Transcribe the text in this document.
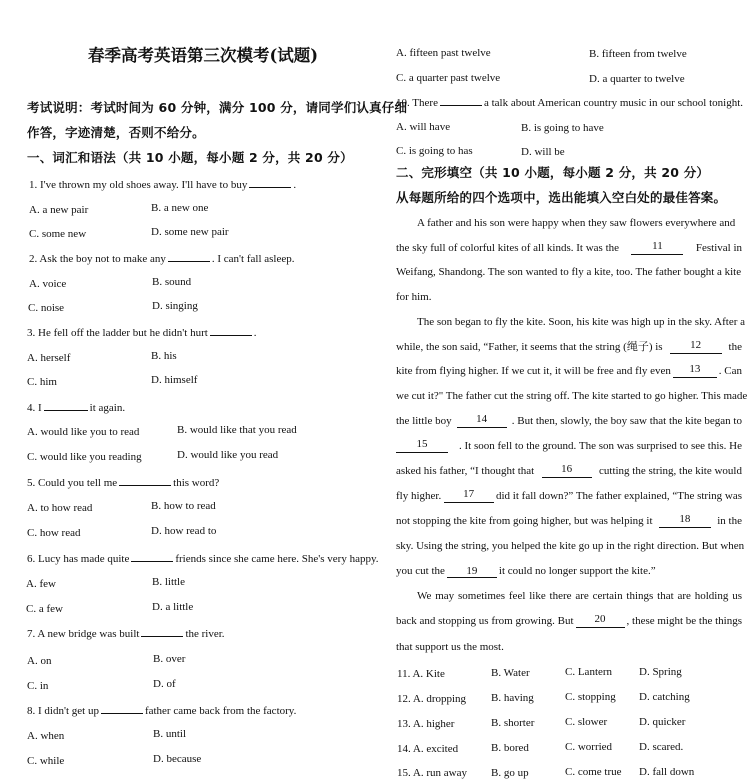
春季高考英语第三次模考(试题)
考试说明：考试时间为 60 分钟，满分 100 分，请同学们认真仔细
作答，字迹清楚，否则不给分。
一、词汇和语法（共 10 小题，每小题 2 分，共 20 分）
1. I've thrown my old shoes away. I'll have to buy	.
A. a new pair	B. a new one
C. some new	D. some new pair
2. Ask the boy not to make any	. I can't fall asleep.
A. voice	B. sound
C. noise	D. singing
3. He fell off the ladder but he didn't hurt	.
A. herself	B. his
C. him	D. himself
4. I	it again.
A. would like you to read	B. would like that you read
C. would like you reading	D. would like you read
5. Could you tell me	this word?
A. to how read	B. how to read
C. how read	D. how read to
6. Lucy has made quite	friends since she came here. She's very happy.
A. few	B. little
C. a few	D. a little
7. A new bridge was built	the river.
A. on	B. over
C. in	D. of
8. I didn't get up	father came back from the factory.
A. when	B. until
C. while	D. because

A. fifteen past twelve	B. fifteen from twelve
C. a quarter past twelve	D. a quarter to twelve
10. There	a talk about American country music in our school tonight.
A. will have	B. is going to have
C. is going to has	D. will be
二、完形填空（共 10 小题，每小题 2 分，共 20 分）
从每题所给的四个选项中，选出能填入空白处的最佳答案。
A father and his son were happy when they saw flowers everywhere and
the sky full of colorful kites of all kinds. It was the	11	Festival in
Weifang, Shandong. The son wanted to fly a kite, too. The father bought a kite
for him.
The son began to fly the kite. Soon, his kite was high up in the sky. After a
while, the son said, “Father, it seems that the string (绳子) is	12	the
kite from flying higher. If we cut it, it will be free and fly even	13	. Can
we cut it?" The father cut the string off. The kite started to go higher. This made
the little boy	14	. But then, slowly, the boy saw that the kite began to
15	. It soon fell to the ground. The son was surprised to see this. He
asked his father, “I thought that	16	cutting the string, the kite would
fly higher.	17	did it fall down?” The father explained, “The string was
not stopping the kite from going higher, but was helping it	18	in the
sky. Using the string, you helped the kite go up in the right direction. But when
you cut the 19 it could no longer support the kite.”
We may sometimes feel like there are certain things that are holding us
back and stopping us from growing. But	20	, these might be the things
that support us the most.
11. A. Kite	B. Water	C. Lantern D. Spring
12. A. dropping B. having	C. stopping D. catching
13. A. higher	B. shorter	C. slower	D. quicker
14. A. excited	B. bored	C. worried D. scared.
15. A. run away B. go up	C. come true D. fall down
